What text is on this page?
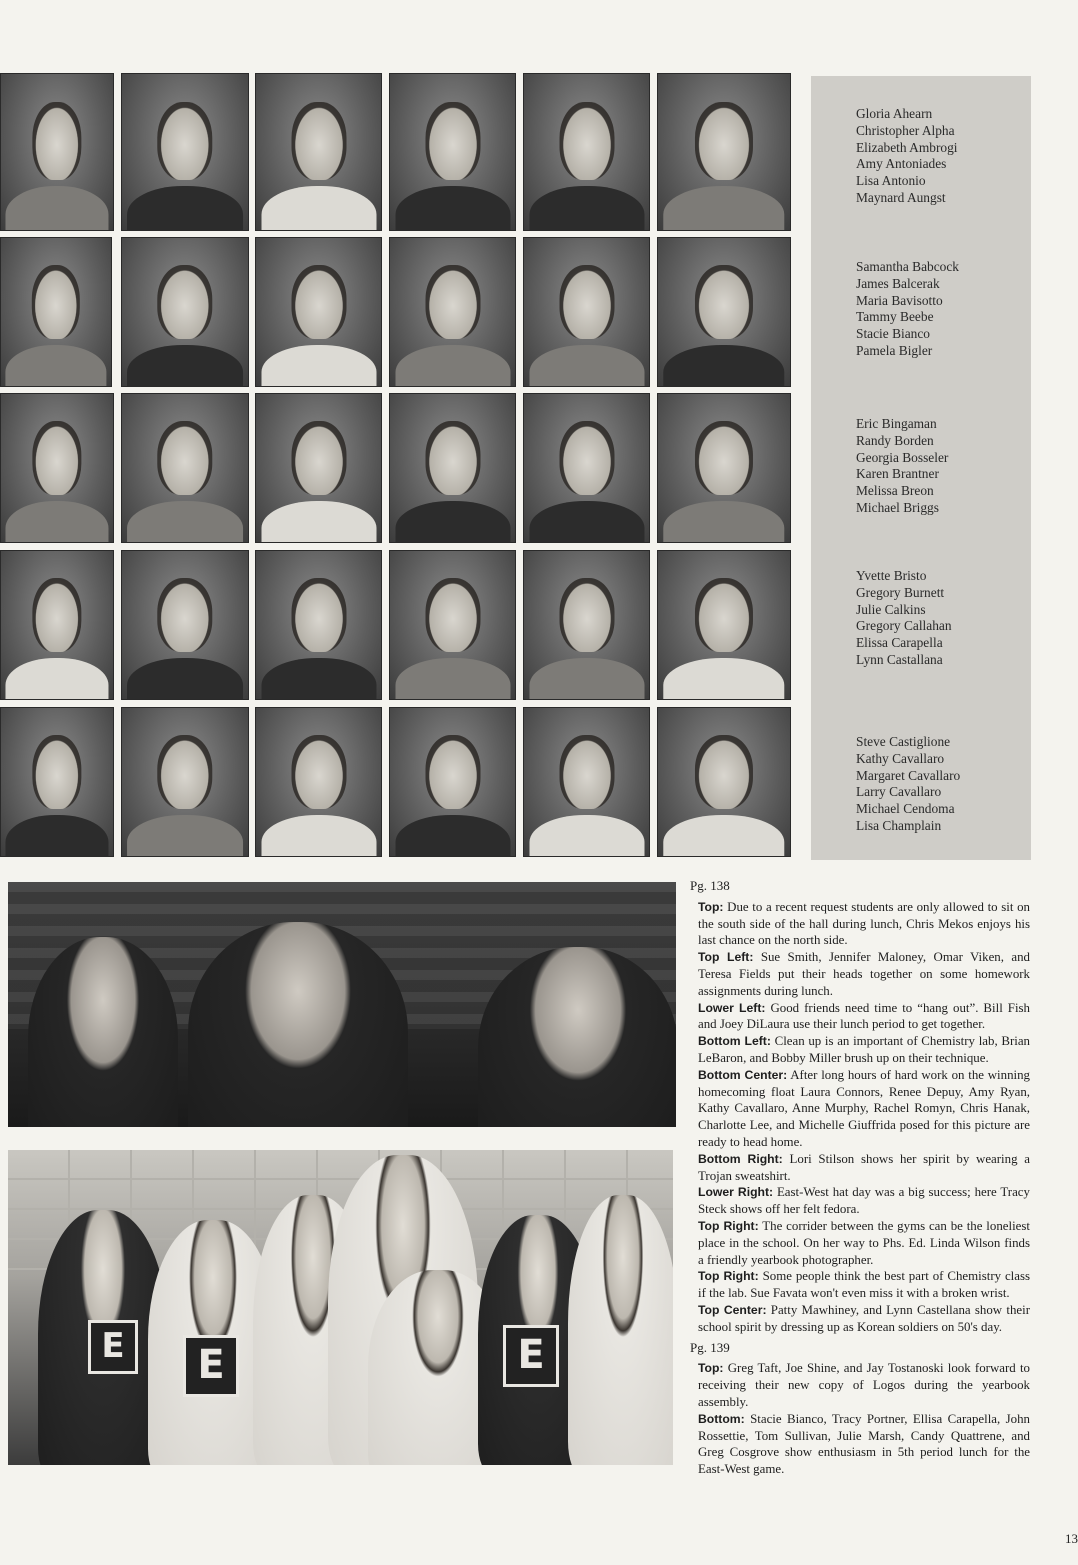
Gloria Ahearn
Christopher Alpha
Elizabeth Ambrogi
Amy Antoniades
Lisa Antonio
Maynard Aungst
Samantha Babcock
James Balcerak
Maria Bavisotto
Tammy Beebe
Stacie Bianco
Pamela Bigler
Eric Bingaman
Randy Borden
Georgia Bosseler
Karen Brantner
Melissa Breon
Michael Briggs
Yvette Bristo
Gregory Burnett
Julie Calkins
Gregory Callahan
Elissa Carapella
Lynn Castallana
Steve Castiglione
Kathy Cavallaro
Margaret Cavallaro
Larry Cavallaro
Michael Cendoma
Lisa Champlain
E	E	E
Pg. 138
Top: Due to a recent request students are only allowed to sit on the south side of the hall during lunch, Chris Mekos enjoys his last chance on the north side.
Top Left: Sue Smith, Jennifer Maloney, Omar Viken, and Teresa Fields put their heads together on some homework assignments during lunch.
Lower Left: Good friends need time to “hang out”. Bill Fish and Joey DiLaura use their lunch period to get together.
Bottom Left: Clean up is an important of Chemistry lab, Brian LeBaron, and Bobby Miller brush up on their technique.
Bottom Center: After long hours of hard work on the winning homecoming float Laura Connors, Renee Depuy, Amy Ryan, Kathy Cavallaro, Anne Murphy, Rachel Romyn, Chris Hanak, Charlotte Lee, and Michelle Giuffrida posed for this picture are ready to head home.
Bottom Right: Lori Stilson shows her spirit by wearing a Trojan sweatshirt.
Lower Right: East-West hat day was a big success; here Tracy Steck shows off her felt fedora.
Top Right: The corrider between the gyms can be the loneliest place in the school. On her way to Phs. Ed. Linda Wilson finds a friendly yearbook photographer.
Top Right: Some people think the best part of Chemistry class if the lab. Sue Favata won't even miss it with a broken wrist.
Top Center: Patty Mawhiney, and Lynn Castellana show their school spirit by dressing up as Korean soldiers on 50's day.
Pg. 139
Top: Greg Taft, Joe Shine, and Jay Tostanoski look forward to receiving their new copy of Logos during the yearbook assembly.
Bottom: Stacie Bianco, Tracy Portner, Ellisa Carapella, John Rossettie, Tom Sullivan, Julie Marsh, Candy Quattrene, and Greg Cosgrove show enthusiasm in 5th period lunch for the East-West game.
13
